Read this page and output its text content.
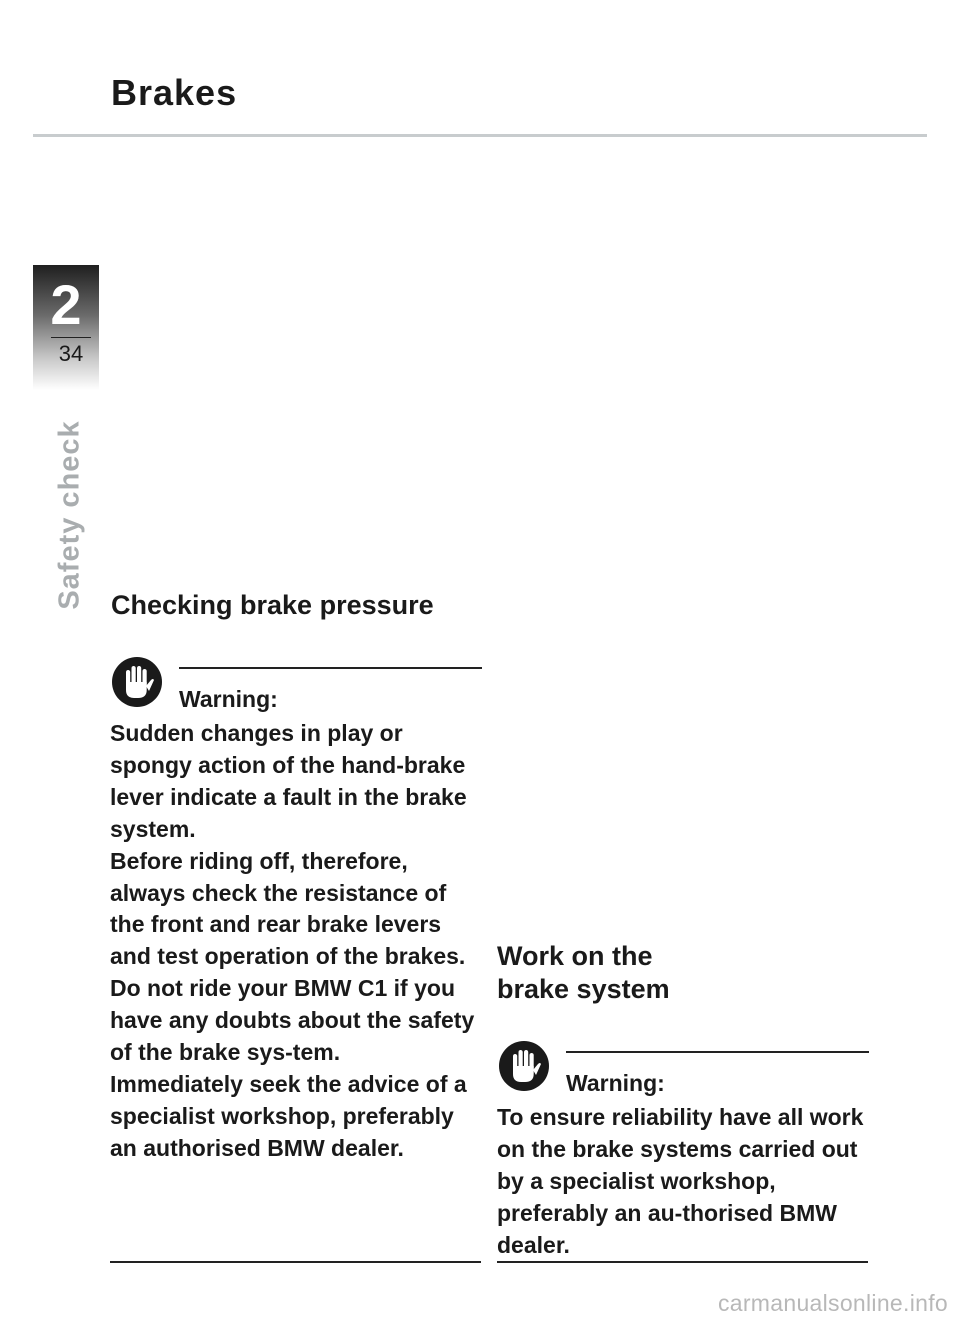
Brakes
2
34
Safety check Checking brake pressure
Warning:

Sudden changes in play or spongy action of the hand-brake lever indicate a fault in the brake system.

Before riding off, therefore, always check the resistance of the front and rear brake levers and test operation of the brakes.

Do not ride your BMW C1 if you have any doubts about the safety of the brake sys-tem.

Immediately seek the advice of a specialist workshop, preferably an authorised BMW dealer.

Work on the
brake system
Warning:

To ensure reliability have all work on the brake systems carried out by a specialist workshop, preferably an au-thorised BMW dealer.

carmanualsonline.info
